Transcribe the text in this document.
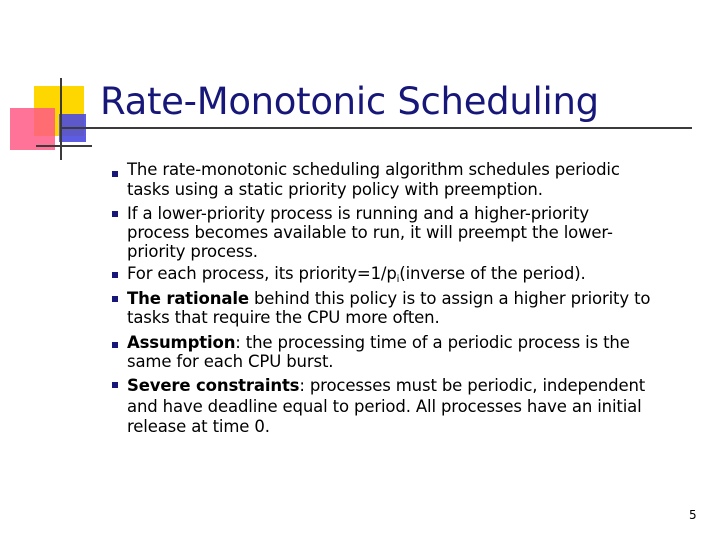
Rate-Monotonic Scheduling
The rate-monotonic scheduling algorithm schedules periodic
tasks using a static priority policy with preemption.
If a lower-priority process is running and a higher-priority
process becomes available to run, it will preempt the lower-
priority process.
For each process, its $priority=1/p_i(inverse$ of the period).
The rationale behind this policy is to assign a higher priority to
tasks that require the CPU more often.
Assumption: the processing time of a periodic process is the
same for each CPU burst.
Severe constraints: processes must be periodic, independent
and have deadline equal to period. All processes have an initial
release at time 0.
5
